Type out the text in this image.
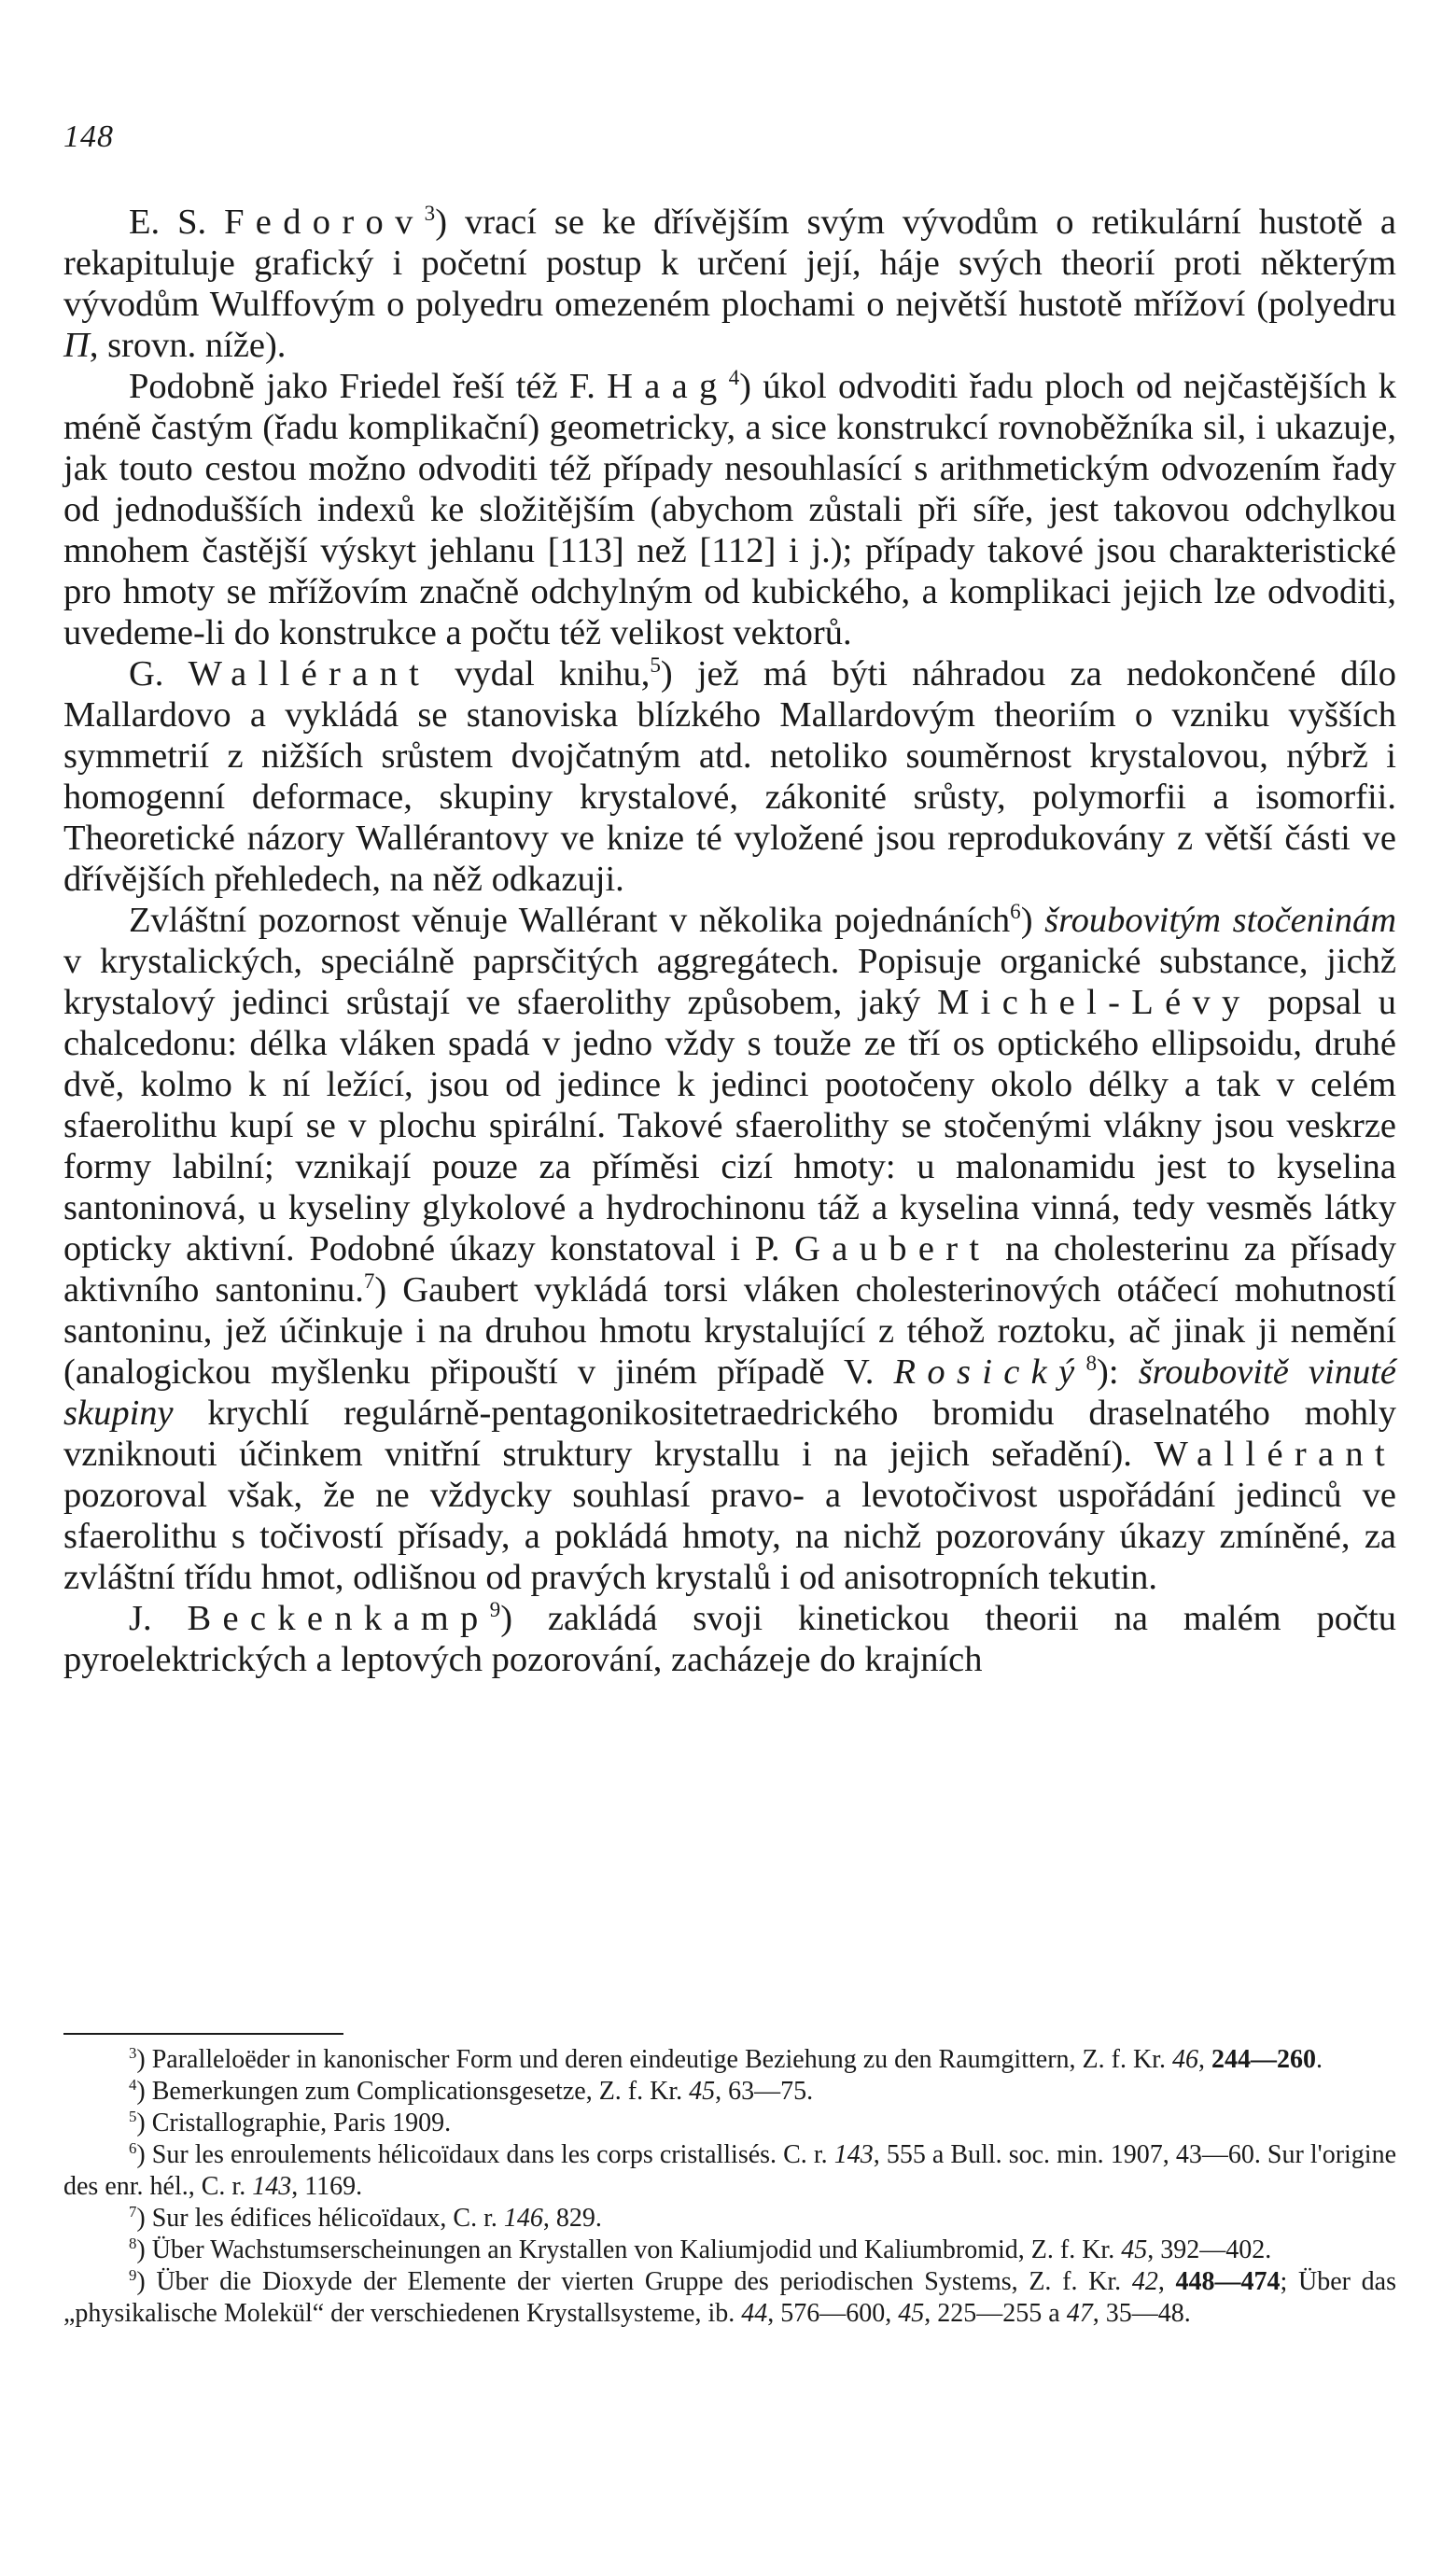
148

E. S. Fedorov$^3$) vrací se ke dřívějším svým vývodům o retikulární hustotě a rekapituluje grafický i početní postup k určení její, háje svých theorií proti některým vývodům Wulffovým o polyedru omezeném plochami o největší hustotě mřížoví (polyedru Π, srovn. níže).

Podobně jako Friedel řeší též F. Haag$^4$) úkol odvoditi řadu ploch od nejčastějších k méně častým (řadu komplikační) geometricky, a sice konstrukcí rovnoběžníka sil, i ukazuje, jak touto cestou možno odvoditi též případy nesouhlasící s arithmetickým odvozením řady od jednodušších indexů ke složitějším (abychom zůstali při síře, jest takovou odchylkou mnohem častější výskyt jehlanu [113] než [112] i j.); případy takové jsou charakteristické pro hmoty se mřížovím značně odchylným od kubického, a komplikaci jejich lze odvoditi, uvedeme-li do konstrukce a počtu též velikost vektorů.

G. Wallérant vydal knihu,$^5$) jež má býti náhradou za nedokončené dílo Mallardovo a vykládá se stanoviska blízkého Mallardovým theoriím o vzniku vyšších symmetrií z nižších srůstem dvojčatným atd. netoliko souměrnost krystalovou, nýbrž i homogenní deformace, skupiny krystalové, zákonité srůsty, polymorfii a isomorfii. Theoretické názory Wallérantovy ve knize té vyložené jsou reprodukovány z větší části ve dřívějších přehledech, na něž odkazuji.

Zvláštní pozornost věnuje Wallérant v několika pojednáních$^6$) šroubovitým stočeninám v krystalických, speciálně paprsčitých aggregátech. Popisuje organické substance, jichž krystalový jedinci srůstají ve sfaerolithy způsobem, jaký Michel-Lévy popsal u chalcedonu: délka vláken spadá v jedno vždy s touže ze tří os optického ellipsoidu, druhé dvě, kolmo k ní ležící, jsou od jedince k jedinci pootočeny okolo délky a tak v celém sfaerolithu kupí se v plochu spirální. Takové sfaerolithy se stočenými vlákny jsou veskrze formy labilní; vznikají pouze za příměsi cizí hmoty: u malonamidu jest to kyselina santoninová, u kyseliny glykolové a hydrochinonu táž a kyselina vinná, tedy vesměs látky opticky aktivní. Podobné úkazy konstatoval i P. Gaubert na cholesterinu za přísady aktivního santoninu.$^7$) Gaubert vykládá torsi vláken cholesterinových otáčecí mohutností santoninu, jež účinkuje i na druhou hmotu krystalující z téhož roztoku, ač jinak ji nemění (analogickou myšlenku připouští v jiném případě V. Rosický$^8$): šroubovitě vinuté skupiny krychlí regulárně-pentagonikositetraedrického bromidu draselnatého mohly vzniknouti účinkem vnitřní struktury krystallu i na jejich seřadění). Wallérant pozoroval však, že ne vždycky souhlasí pravo- a levotočivost uspořádání jedinců ve sfaerolithu s točivostí přísady, a pokládá hmoty, na nichž pozorovány úkazy zmíněné, za zvláštní třídu hmot, odlišnou od pravých krystalů i od anisotropních tekutin.

J. Beckenkamp$^9$) zakládá svoji kinetickou theorii na malém počtu pyroelektrických a leptových pozorování, zacházeje do krajních

$^3$) Parallelоёder in kanonischer Form und deren eindeutige Beziehung zu den Raumgittern, Z. f. Kr. 46, 244—260.

$^4$) Bemerkungen zum Complicationsgesetze, Z. f. Kr. 45, 63—75.

$^5$) Cristallographie, Paris 1909.

$^6$) Sur les enroulements hélicoïdaux dans les corps cristallisés. C. r. 143, 555 a Bull. soc. min. 1907, 43—60. Sur l'origine des enr. hél., C. r. 143, 1169.

$^7$) Sur les édifices hélicoïdaux, C. r. 146, 829.

$^8$) Über Wachstumserscheinungen an Krystallen von Kaliumjodid und Kaliumbromid, Z. f. Kr. 45, 392—402.

$^9$) Über die Dioxyde der Elemente der vierten Gruppe des periodischen Systems, Z. f. Kr. 42, 448—474; Über das „physikalische Molekül“ der verschiedenen Krystallsysteme, ib. 44, 576—600, 45, 225—255 a 47, 35—48.
